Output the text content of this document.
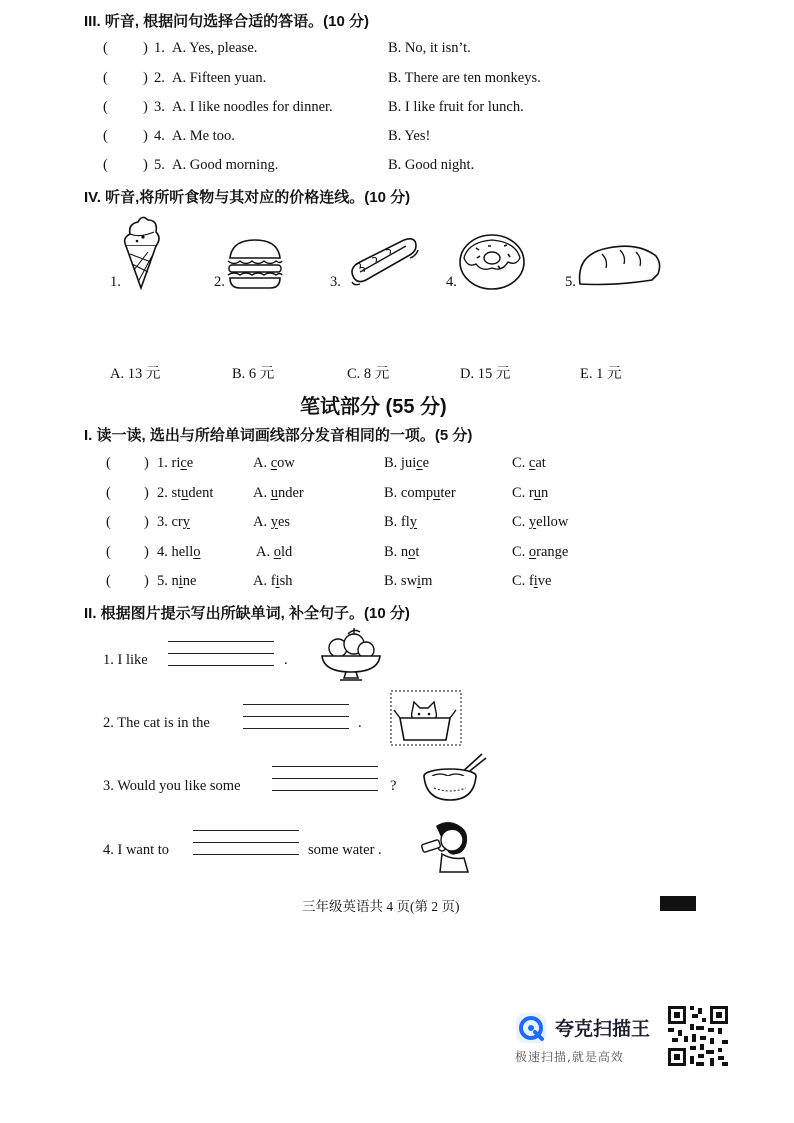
III. 听音, 根据问句选择合适的答语。(10 分)
( ) 1. A. Yes, please.	B. No, it isn’t.
( ) 2. A. Fifteen yuan.	B. There are ten monkeys.
( ) 3. A. I like noodles for dinner.	B. I like fruit for lunch.
( ) 4. A. Me too.	B. Yes!
( ) 5. A. Good morning.	B. Good night.
IV. 听音,将所听食物与其对应的价格连线。(10 分)
1.	2.	3.	4.	5.
A. 13 元	B. 6 元	C. 8 元	D. 15 元	E. 1 元
笔试部分 (55 分)
I. 读一读, 选出与所给单词画线部分发音相同的一项。(5 分)
( ) 1. rice	A. cow	B. juice	C. cat
( ) 2. student	A. under	B. computer	C. run
( ) 3. cry	A. yes	B. fly	C. yellow
( ) 4. hello	A. old	B. not	C. orange
( ) 5. nine	A. fish	B. swim	C. five
II. 根据图片提示写出所缺单词, 补全句子。(10 分)
1. I like	.
2. The cat is in the	.
3. Would you like some	?
4. I want to	some water .
三年级英语共 4 页(第 2 页)
夸克扫描王
极速扫描,就是高效
